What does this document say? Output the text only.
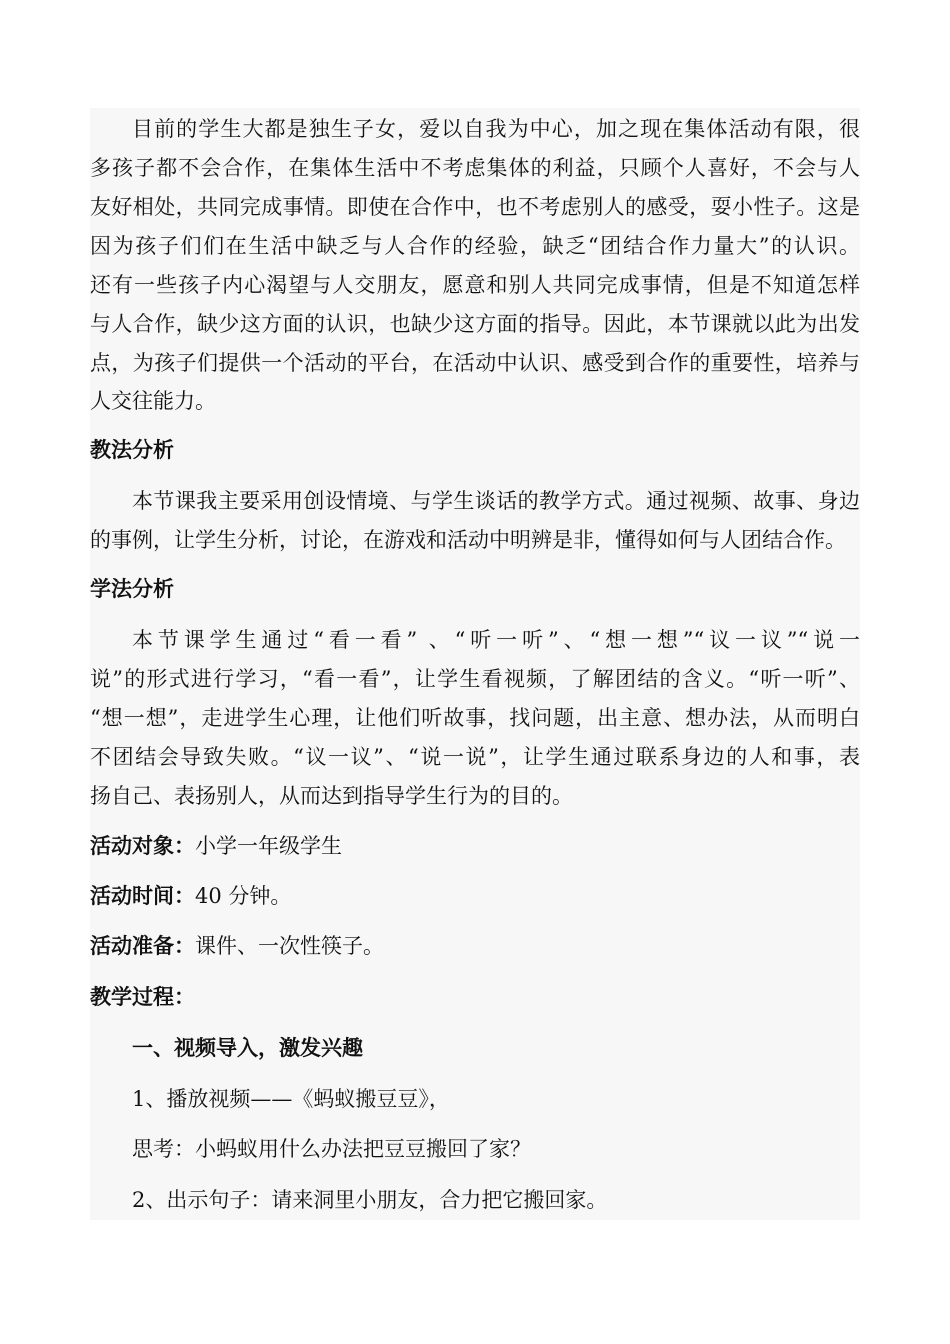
目前的学生大都是独生子女，爱以自我为中心，加之现在集体活动有限，很
多孩子都不会合作，在集体生活中不考虑集体的利益，只顾个人喜好，不会与人
友好相处，共同完成事情。即使在合作中，也不考虑别人的感受，耍小性子。这是
因为孩子们们在生活中缺乏与人合作的经验，缺乏“团结合作力量大”的认识。
还有一些孩子内心渴望与人交朋友，愿意和别人共同完成事情，但是不知道怎样
与人合作，缺少这方面的认识，也缺少这方面的指导。因此，本节课就以此为出发
点，为孩子们提供一个活动的平台，在活动中认识、感受到合作的重要性，培养与
人交往能力。
教法分析
本节课我主要采用创设情境、与学生谈话的教学方式。通过视频、故事、身边
的事例，让学生分析，讨论，在游戏和活动中明辨是非，懂得如何与人团结合作。
学法分析
本节课学生通过“看一看” 、“听一听”、“想一想”“议一议”“说一
说”的形式进行学习，“看一看”，让学生看视频，了解团结的含义。“听一听”、
“想一想”，走进学生心理，让他们听故事，找问题，出主意、想办法，从而明白
不团结会导致失败。“议一议”、“说一说”，让学生通过联系身边的人和事，表
扬自己、表扬别人，从而达到指导学生行为的目的。
活动对象：小学一年级学生
活动时间：40 分钟。
活动准备：课件、一次性筷子。
教学过程：
一、视频导入，激发兴趣
1、播放视频——《蚂蚁搬豆豆》，
思考：小蚂蚁用什么办法把豆豆搬回了家？
2、出示句子：请来洞里小朋友，合力把它搬回家。
